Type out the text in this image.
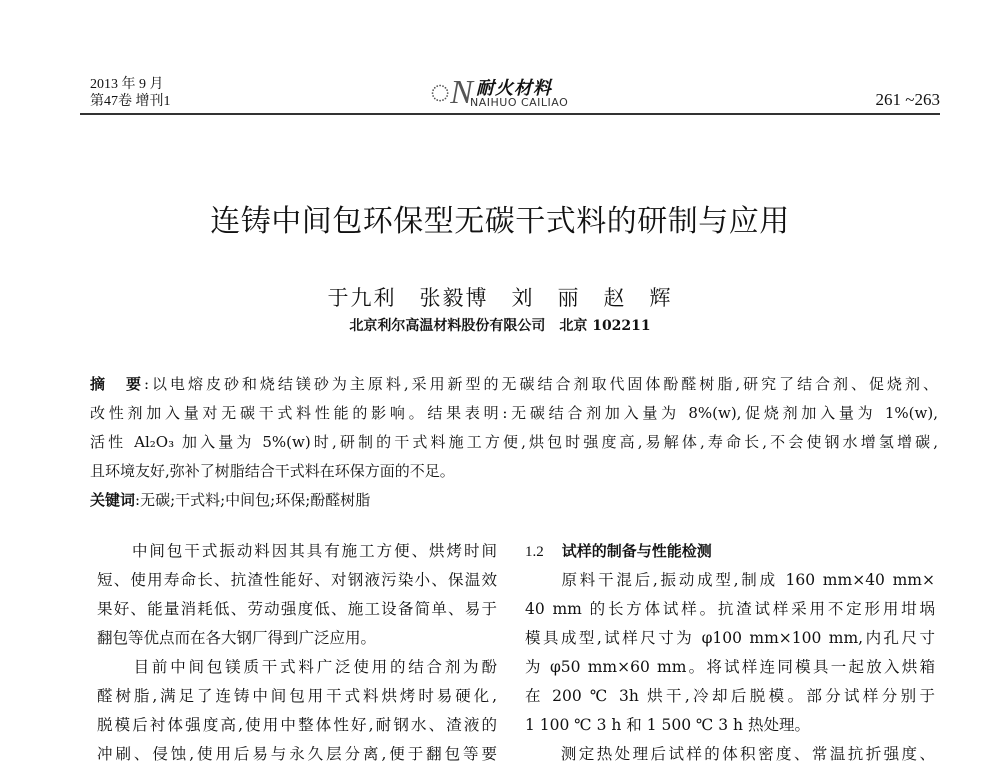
2013 年 9 月
第47卷 增刊1	◌N 耐火材料
NAIHUO CAILIAO	261 ~263
连铸中间包环保型无碳干式料的研制与应用
于九利　张毅博　刘　丽　赵　辉
北京利尔高温材料股份有限公司　北京 102211
摘　要:以电熔皮砂和烧结镁砂为主原料,采用新型的无碳结合剂取代固体酚醛树脂,研究了结合剂、促烧剂、
改性剂加入量对无碳干式料性能的影响。结果表明:无碳结合剂加入量为 8%(w),促烧剂加入量为 1%(w),
活性 Al₂O₃ 加入量为 5%(w)时,研制的干式料施工方便,烘包时强度高,易解体,寿命长,不会使钢水增氢增碳,
且环境友好,弥补了树脂结合干式料在环保方面的不足。
关键词:无碳;干式料;中间包;环保;酚醛树脂
　　中间包干式振动料因其具有施工方便、烘烤时间
短、使用寿命长、抗渣性能好、对钢液污染小、保温效
果好、能量消耗低、劳动强度低、施工设备简单、易于
翻包等优点而在各大钢厂得到广泛应用。
　　目前中间包镁质干式料广泛使用的结合剂为酚
醛树脂,满足了连铸中间包用干式料烘烤时易硬化,
脱模后衬体强度高,使用中整体性好,耐钢水、渣液的
冲刷、侵蚀,使用后易与永久层分离,便于翻包等要
1.2 试样的制备与性能检测
　　原料干混后,振动成型,制成 160 mm×40 mm×
40 mm 的长方体试样。抗渣试样采用不定形用坩埚
模具成型,试样尺寸为 φ100 mm×100 mm,内孔尺寸
为 φ50 mm×60 mm。将试样连同模具一起放入烘箱
在 200 ℃ 3h 烘干,冷却后脱模。部分试样分别于
1 100 ℃ 3 h 和 1 500 ℃ 3 h 热处理。
　　测定热处理后试样的体积密度、常温抗折强度、
